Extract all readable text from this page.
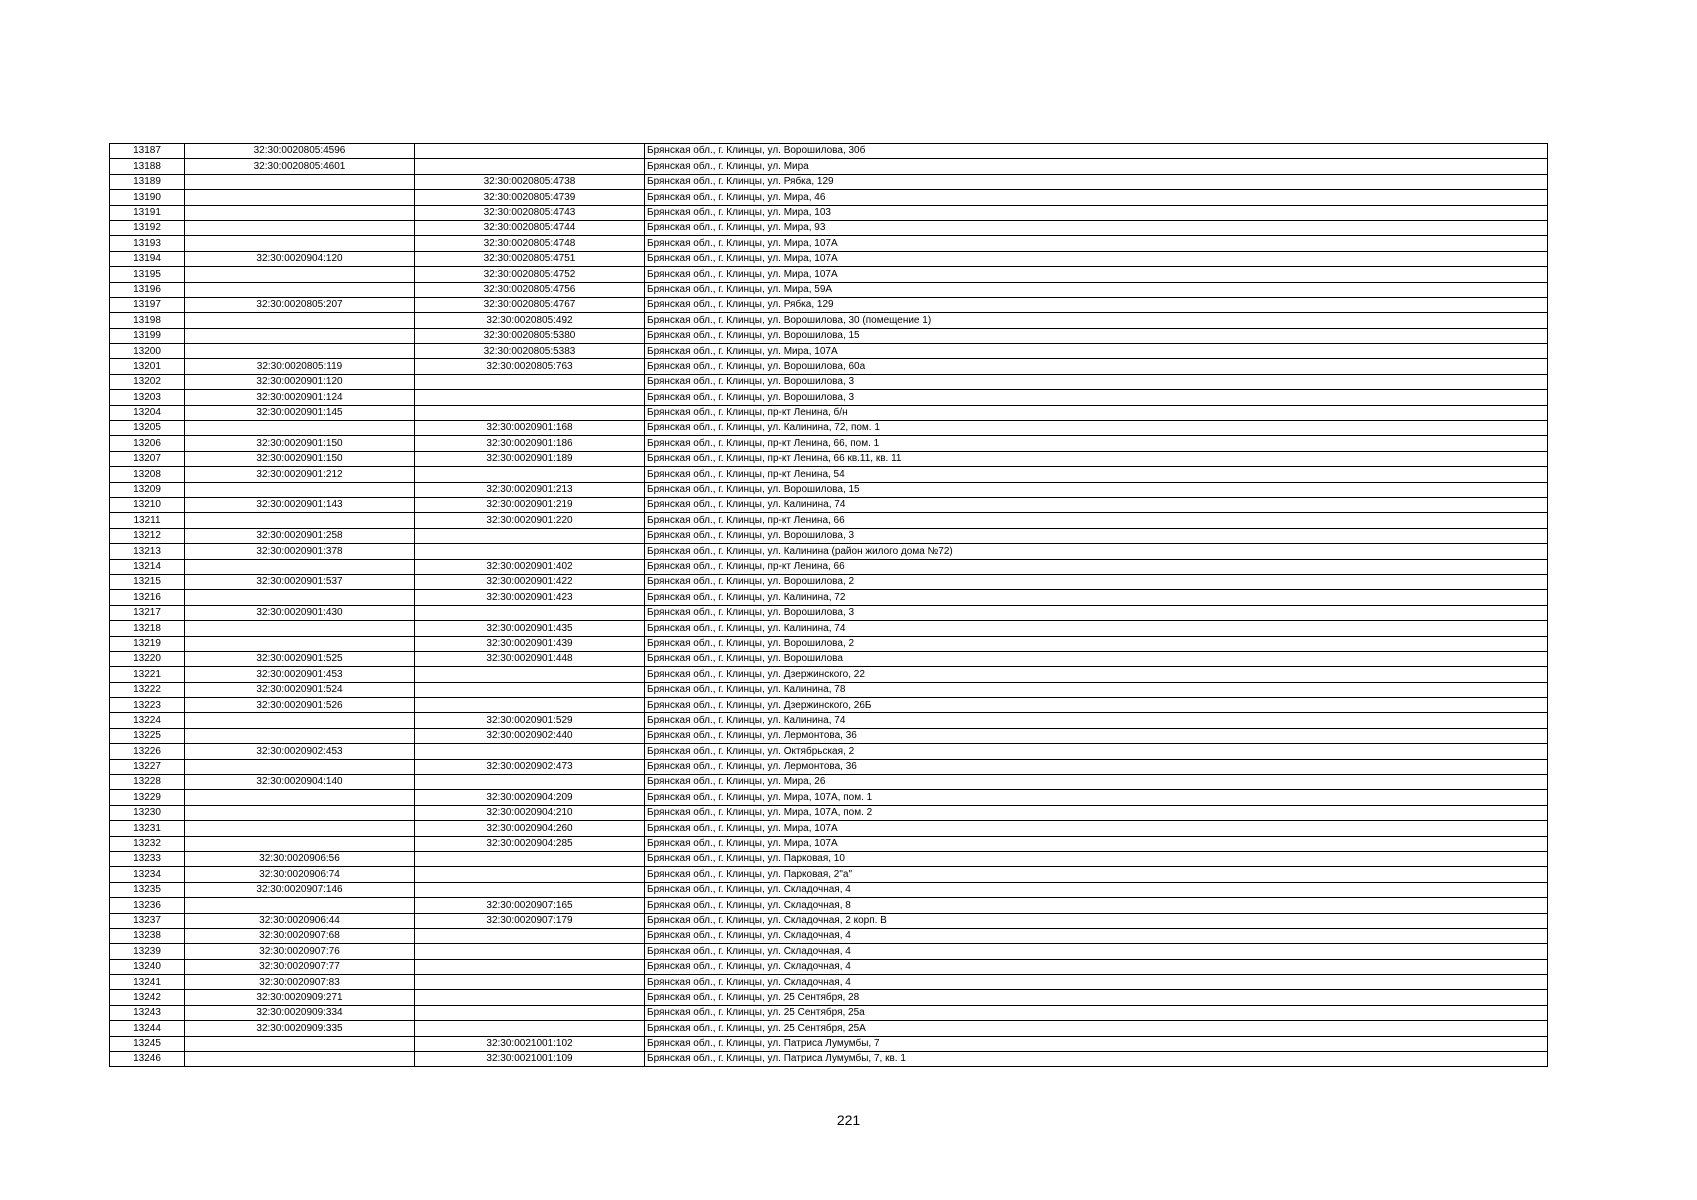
13187	32:30:0020805:4596		Брянская обл., г. Клинцы, ул. Ворошилова, 30б
13188	32:30:0020805:4601		Брянская обл., г. Клинцы, ул. Мира
13189		32:30:0020805:4738	Брянская обл., г. Клинцы, ул. Рябка, 129
13190		32:30:0020805:4739	Брянская обл., г. Клинцы, ул. Мира, 46
13191		32:30:0020805:4743	Брянская обл., г. Клинцы, ул. Мира, 103
13192		32:30:0020805:4744	Брянская обл., г. Клинцы, ул. Мира, 93
13193		32:30:0020805:4748	Брянская обл., г. Клинцы, ул. Мира, 107А
13194	32:30:0020904:120	32:30:0020805:4751	Брянская обл., г. Клинцы, ул. Мира, 107А
13195		32:30:0020805:4752	Брянская обл., г. Клинцы, ул. Мира, 107А
13196		32:30:0020805:4756	Брянская обл., г. Клинцы, ул. Мира, 59А
13197	32:30:0020805:207	32:30:0020805:4767	Брянская обл., г. Клинцы, ул. Рябка, 129
13198		32:30:0020805:492	Брянская обл., г. Клинцы, ул. Ворошилова, 30 (помещение 1)
13199		32:30:0020805:5380	Брянская обл., г. Клинцы, ул. Ворошилова, 15
13200		32:30:0020805:5383	Брянская обл., г. Клинцы, ул. Мира, 107А
13201	32:30:0020805:119	32:30:0020805:763	Брянская обл., г. Клинцы, ул. Ворошилова, 60а
13202	32:30:0020901:120		Брянская обл., г. Клинцы, ул. Ворошилова, 3
13203	32:30:0020901:124		Брянская обл., г. Клинцы, ул. Ворошилова, 3
13204	32:30:0020901:145		Брянская обл., г. Клинцы, пр-кт Ленина, б/н
13205		32:30:0020901:168	Брянская обл., г. Клинцы, ул. Калинина, 72, пом. 1
13206	32:30:0020901:150	32:30:0020901:186	Брянская обл., г. Клинцы, пр-кт Ленина, 66, пом. 1
13207	32:30:0020901:150	32:30:0020901:189	Брянская обл., г. Клинцы, пр-кт Ленина, 66 кв.11, кв. 11
13208	32:30:0020901:212		Брянская обл., г. Клинцы, пр-кт Ленина, 54
13209		32:30:0020901:213	Брянская обл., г. Клинцы, ул. Ворошилова, 15
13210	32:30:0020901:143	32:30:0020901:219	Брянская обл., г. Клинцы, ул. Калинина, 74
13211		32:30:0020901:220	Брянская обл., г. Клинцы, пр-кт Ленина, 66
13212	32:30:0020901:258		Брянская обл., г. Клинцы, ул. Ворошилова, 3
13213	32:30:0020901:378		Брянская обл., г. Клинцы, ул. Калинина (район жилого дома №72)
13214		32:30:0020901:402	Брянская обл., г. Клинцы, пр-кт Ленина, 66
13215	32:30:0020901:537	32:30:0020901:422	Брянская обл., г. Клинцы, ул. Ворошилова, 2
13216		32:30:0020901:423	Брянская обл., г. Клинцы, ул. Калинина, 72
13217	32:30:0020901:430		Брянская обл., г. Клинцы, ул. Ворошилова, 3
13218		32:30:0020901:435	Брянская обл., г. Клинцы, ул. Калинина, 74
13219		32:30:0020901:439	Брянская обл., г. Клинцы, ул. Ворошилова, 2
13220	32:30:0020901:525	32:30:0020901:448	Брянская обл., г. Клинцы, ул. Ворошилова
13221	32:30:0020901:453		Брянская обл., г. Клинцы, ул. Дзержинского, 22
13222	32:30:0020901:524		Брянская обл., г. Клинцы, ул. Калинина, 78
13223	32:30:0020901:526		Брянская обл., г. Клинцы, ул. Дзержинского, 26Б
13224		32:30:0020901:529	Брянская обл., г. Клинцы, ул. Калинина, 74
13225		32:30:0020902:440	Брянская обл., г. Клинцы, ул. Лермонтова, 36
13226	32:30:0020902:453		Брянская обл., г. Клинцы, ул. Октябрьская, 2
13227		32:30:0020902:473	Брянская обл., г. Клинцы, ул. Лермонтова, 36
13228	32:30:0020904:140		Брянская обл., г. Клинцы, ул. Мира, 26
13229		32:30:0020904:209	Брянская обл., г. Клинцы, ул. Мира, 107А, пом. 1
13230		32:30:0020904:210	Брянская обл., г. Клинцы, ул. Мира, 107А, пом. 2
13231		32:30:0020904:260	Брянская обл., г. Клинцы, ул. Мира, 107А
13232		32:30:0020904:285	Брянская обл., г. Клинцы, ул. Мира, 107А
13233	32:30:0020906:56		Брянская обл., г. Клинцы, ул. Парковая, 10
13234	32:30:0020906:74		Брянская обл., г. Клинцы, ул. Парковая, 2"а"
13235	32:30:0020907:146		Брянская обл., г. Клинцы, ул. Складочная, 4
13236		32:30:0020907:165	Брянская обл., г. Клинцы, ул. Складочная, 8
13237	32:30:0020906:44	32:30:0020907:179	Брянская обл., г. Клинцы, ул. Складочная, 2 корп. В
13238	32:30:0020907:68		Брянская обл., г. Клинцы, ул. Складочная, 4
13239	32:30:0020907:76		Брянская обл., г. Клинцы, ул. Складочная, 4
13240	32:30:0020907:77		Брянская обл., г. Клинцы, ул. Складочная, 4
13241	32:30:0020907:83		Брянская обл., г. Клинцы, ул. Складочная, 4
13242	32:30:0020909:271		Брянская обл., г. Клинцы, ул. 25 Сентября, 28
13243	32:30:0020909:334		Брянская обл., г. Клинцы, ул. 25 Сентября, 25а
13244	32:30:0020909:335		Брянская обл., г. Клинцы, ул. 25 Сентября, 25А
13245		32:30:0021001:102	Брянская обл., г. Клинцы, ул. Патриса Лумумбы, 7
13246		32:30:0021001:109	Брянская обл., г. Клинцы, ул. Патриса Лумумбы, 7, кв. 1
221
